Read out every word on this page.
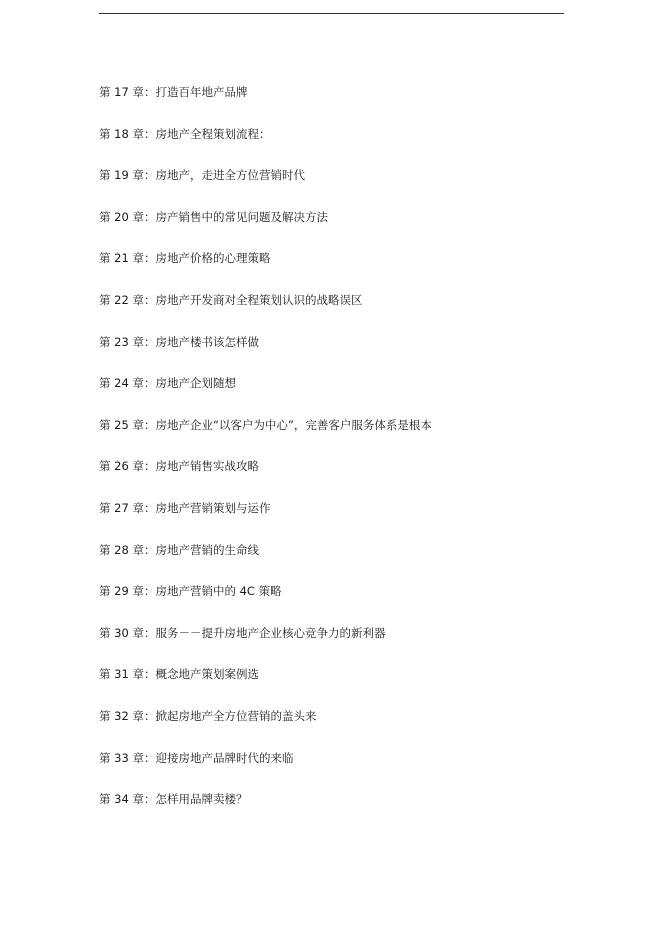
第 17 章：打造百年地产品牌
第 18 章：房地产全程策划流程：
第 19 章：房地产，走进全方位营销时代
第 20 章：房产销售中的常见问题及解决方法
第 21 章：房地产价格的心理策略
第 22 章：房地产开发商对全程策划认识的战略误区
第 23 章：房地产楼书该怎样做
第 24 章：房地产企划随想
第 25 章：房地产企业“以客户为中心”，完善客户服务体系是根本
第 26 章：房地产销售实战攻略
第 27 章：房地产营销策划与运作
第 28 章：房地产营销的生命线
第 29 章：房地产营销中的 4C 策略
第 30 章：服务－－提升房地产企业核心竞争力的新利器
第 31 章：概念地产策划案例选
第 32 章：掀起房地产全方位营销的盖头来
第 33 章：迎接房地产品牌时代的来临
第 34 章：怎样用品牌卖楼？
